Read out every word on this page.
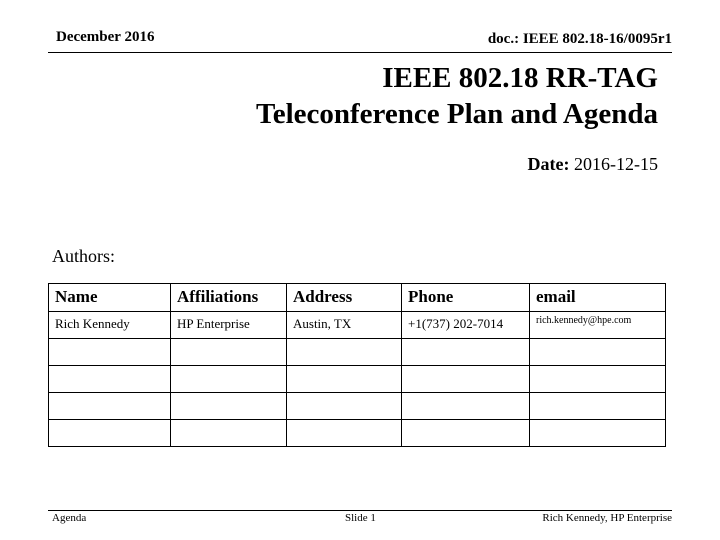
December 2016	doc.: IEEE 802.18-16/0095r1
IEEE 802.18 RR-TAG
Teleconference Plan and Agenda
Date: 2016-12-15
Authors:
Name	Affiliations	Address	Phone	email
Rich Kennedy	HP Enterprise	Austin, TX	+1(737) 202-7014	rich.kennedy@hpe.com

Agenda	Slide 1	Rich Kennedy, HP Enterprise
